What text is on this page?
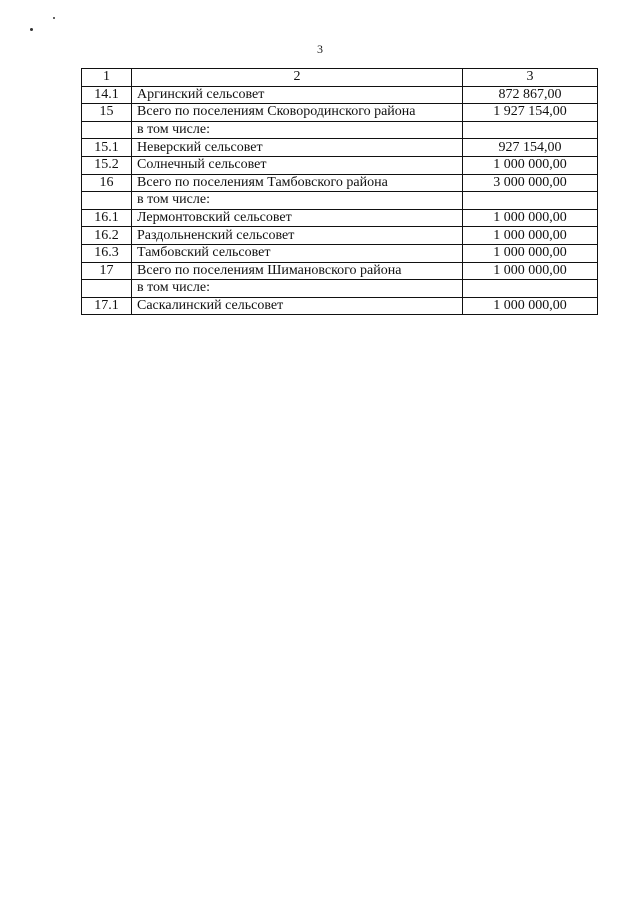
3
1	2	3
14.1	Аргинский сельсовет	872 867,00
15	Всего по поселениям Сковородинского района	1 927 154,00
	в том числе:	
15.1	Неверский сельсовет	927 154,00
15.2	Солнечный сельсовет	1 000 000,00
16	Всего по поселениям Тамбовского района	3 000 000,00
	в том числе:	
16.1	Лермонтовский сельсовет	1 000 000,00
16.2	Раздольненский сельсовет	1 000 000,00
16.3	Тамбовский сельсовет	1 000 000,00
17	Всего по поселениям Шимановского района	1 000 000,00
	в том числе:	
17.1	Саскалинский сельсовет	1 000 000,00
